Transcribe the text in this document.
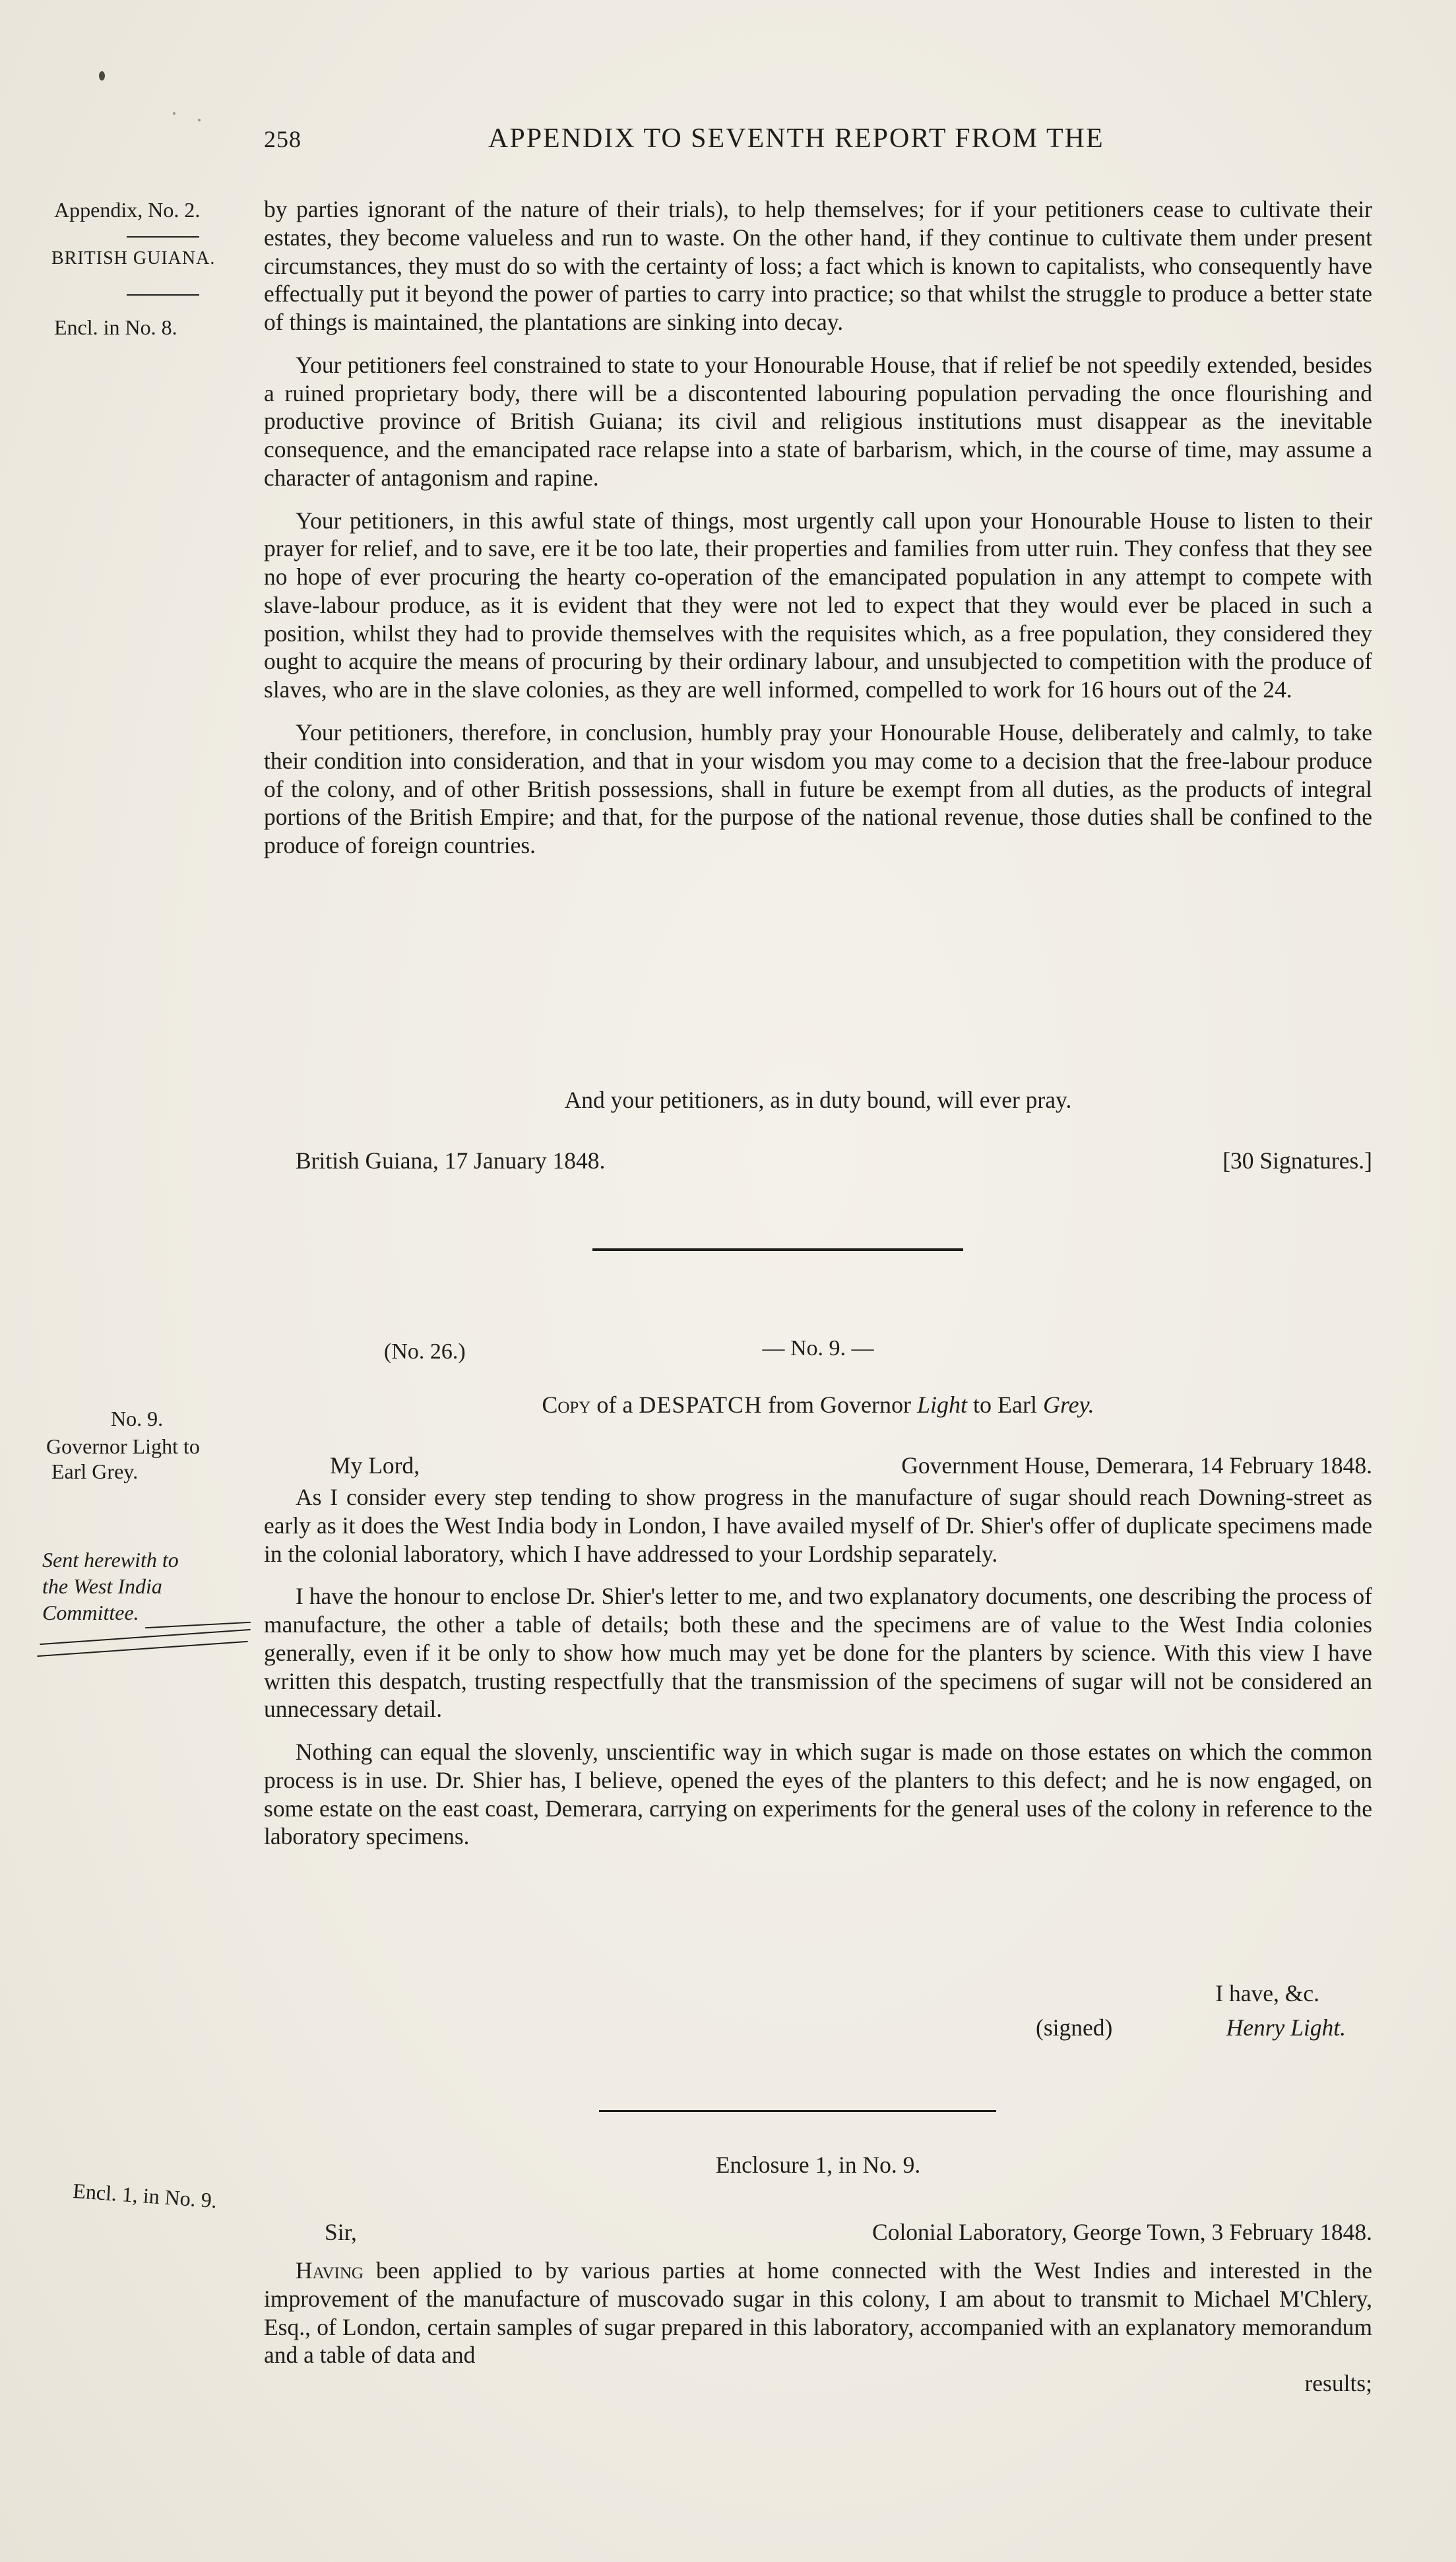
258	APPENDIX TO SEVENTH REPORT FROM THE
Appendix, No. 2.
BRITISH GUIANA.
Encl. in No. 8.
No. 9.
Governor Light to
Earl Grey.
Sent herewith to
the West India
Committee.
Encl. 1, in No. 9.

by parties ignorant of the nature of their trials), to help themselves; for if your petitioners cease to cultivate their estates, they become valueless and run to waste. On the other hand, if they continue to cultivate them under present circumstances, they must do so with the certainty of loss; a fact which is known to capitalists, who consequently have effectually put it beyond the power of parties to carry into practice; so that whilst the struggle to produce a better state of things is maintained, the plantations are sinking into decay.

Your petitioners feel constrained to state to your Honourable House, that if relief be not speedily extended, besides a ruined proprietary body, there will be a discontented labouring population pervading the once flourishing and productive province of British Guiana; its civil and religious institutions must disappear as the inevitable consequence, and the emancipated race relapse into a state of barbarism, which, in the course of time, may assume a character of antagonism and rapine.

Your petitioners, in this awful state of things, most urgently call upon your Honourable House to listen to their prayer for relief, and to save, ere it be too late, their properties and families from utter ruin. They confess that they see no hope of ever procuring the hearty co-operation of the emancipated population in any attempt to compete with slave-labour produce, as it is evident that they were not led to expect that they would ever be placed in such a position, whilst they had to provide themselves with the requisites which, as a free population, they considered they ought to acquire the means of procuring by their ordinary labour, and unsubjected to competition with the produce of slaves, who are in the slave colonies, as they are well informed, compelled to work for 16 hours out of the 24.

Your petitioners, therefore, in conclusion, humbly pray your Honourable House, deliberately and calmly, to take their condition into consideration, and that in your wisdom you may come to a decision that the free-labour produce of the colony, and of other British possessions, shall in future be exempt from all duties, as the products of integral portions of the British Empire; and that, for the purpose of the national revenue, those duties shall be confined to the produce of foreign countries.

And your petitioners, as in duty bound, will ever pray.

British Guiana, 17 January 1848.	[30 Signatures.]
— No. 9. —
(No. 26.)
Copy of a DESPATCH from Governor Light to Earl Grey.
My Lord,	Government House, Demerara, 14 February 1848.

As I consider every step tending to show progress in the manufacture of sugar should reach Downing-street as early as it does the West India body in London, I have availed myself of Dr. Shier's offer of duplicate specimens made in the colonial laboratory, which I have addressed to your Lordship separately.

I have the honour to enclose Dr. Shier's letter to me, and two explanatory documents, one describing the process of manufacture, the other a table of details; both these and the specimens are of value to the West India colonies generally, even if it be only to show how much may yet be done for the planters by science. With this view I have written this despatch, trusting respectfully that the transmission of the specimens of sugar will not be considered an unnecessary detail.

Nothing can equal the slovenly, unscientific way in which sugar is made on those estates on which the common process is in use. Dr. Shier has, I believe, opened the eyes of the planters to this defect; and he is now engaged, on some estate on the east coast, Demerara, carrying on experiments for the general uses of the colony in reference to the laboratory specimens.

I have, &c.
(signed)	Henry Light.
Enclosure 1, in No. 9.
Sir,	Colonial Laboratory, George Town, 3 February 1848.

Having been applied to by various parties at home connected with the West Indies and interested in the improvement of the manufacture of muscovado sugar in this colony, I am about to transmit to Michael M'Chlery, Esq., of London, certain samples of sugar prepared in this laboratory, accompanied with an explanatory memorandum and a table of data and

results;
